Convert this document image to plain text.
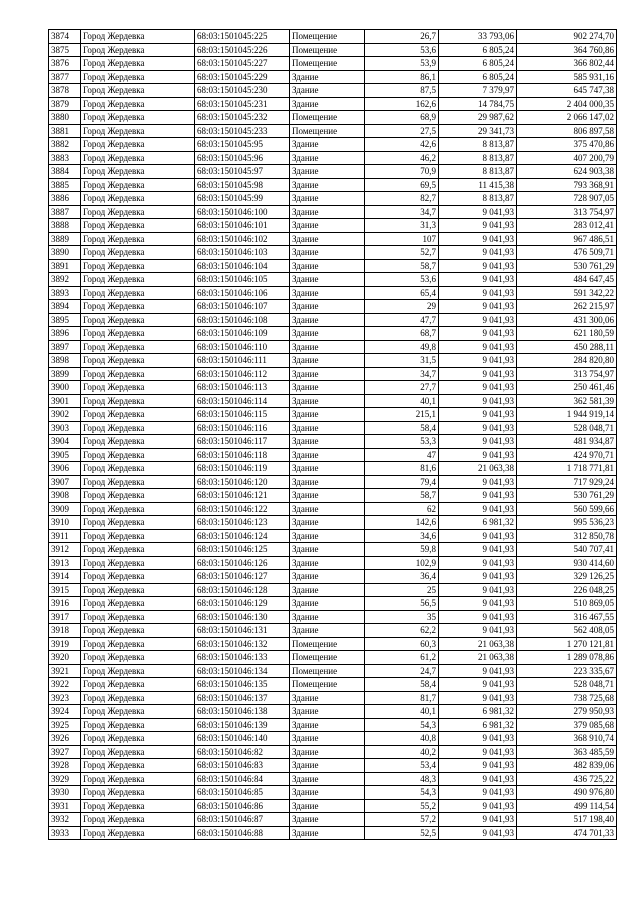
3874	Город Жердевка	68:03:1501045:225	Помещение	26,7	33 793,06	902 274,70
3875	Город Жердевка	68:03:1501045:226	Помещение	53,6	6 805,24	364 760,86
3876	Город Жердевка	68:03:1501045:227	Помещение	53,9	6 805,24	366 802,44
3877	Город Жердевка	68:03:1501045:229	Здание	86,1	6 805,24	585 931,16
3878	Город Жердевка	68:03:1501045:230	Здание	87,5	7 379,97	645 747,38
3879	Город Жердевка	68:03:1501045:231	Здание	162,6	14 784,75	2 404 000,35
3880	Город Жердевка	68:03:1501045:232	Помещение	68,9	29 987,62	2 066 147,02
3881	Город Жердевка	68:03:1501045:233	Помещение	27,5	29 341,73	806 897,58
3882	Город Жердевка	68:03:1501045:95	Здание	42,6	8 813,87	375 470,86
3883	Город Жердевка	68:03:1501045:96	Здание	46,2	8 813,87	407 200,79
3884	Город Жердевка	68:03:1501045:97	Здание	70,9	8 813,87	624 903,38
3885	Город Жердевка	68:03:1501045:98	Здание	69,5	11 415,38	793 368,91
3886	Город Жердевка	68:03:1501045:99	Здание	82,7	8 813,87	728 907,05
3887	Город Жердевка	68:03:1501046:100	Здание	34,7	9 041,93	313 754,97
3888	Город Жердевка	68:03:1501046:101	Здание	31,3	9 041,93	283 012,41
3889	Город Жердевка	68:03:1501046:102	Здание	107	9 041,93	967 486,51
3890	Город Жердевка	68:03:1501046:103	Здание	52,7	9 041,93	476 509,71
3891	Город Жердевка	68:03:1501046:104	Здание	58,7	9 041,93	530 761,29
3892	Город Жердевка	68:03:1501046:105	Здание	53,6	9 041,93	484 647,45
3893	Город Жердевка	68:03:1501046:106	Здание	65,4	9 041,93	591 342,22
3894	Город Жердевка	68:03:1501046:107	Здание	29	9 041,93	262 215,97
3895	Город Жердевка	68:03:1501046:108	Здание	47,7	9 041,93	431 300,06
3896	Город Жердевка	68:03:1501046:109	Здание	68,7	9 041,93	621 180,59
3897	Город Жердевка	68:03:1501046:110	Здание	49,8	9 041,93	450 288,11
3898	Город Жердевка	68:03:1501046:111	Здание	31,5	9 041,93	284 820,80
3899	Город Жердевка	68:03:1501046:112	Здание	34,7	9 041,93	313 754,97
3900	Город Жердевка	68:03:1501046:113	Здание	27,7	9 041,93	250 461,46
3901	Город Жердевка	68:03:1501046:114	Здание	40,1	9 041,93	362 581,39
3902	Город Жердевка	68:03:1501046:115	Здание	215,1	9 041,93	1 944 919,14
3903	Город Жердевка	68:03:1501046:116	Здание	58,4	9 041,93	528 048,71
3904	Город Жердевка	68:03:1501046:117	Здание	53,3	9 041,93	481 934,87
3905	Город Жердевка	68:03:1501046:118	Здание	47	9 041,93	424 970,71
3906	Город Жердевка	68:03:1501046:119	Здание	81,6	21 063,38	1 718 771,81
3907	Город Жердевка	68:03:1501046:120	Здание	79,4	9 041,93	717 929,24
3908	Город Жердевка	68:03:1501046:121	Здание	58,7	9 041,93	530 761,29
3909	Город Жердевка	68:03:1501046:122	Здание	62	9 041,93	560 599,66
3910	Город Жердевка	68:03:1501046:123	Здание	142,6	6 981,32	995 536,23
3911	Город Жердевка	68:03:1501046:124	Здание	34,6	9 041,93	312 850,78
3912	Город Жердевка	68:03:1501046:125	Здание	59,8	9 041,93	540 707,41
3913	Город Жердевка	68:03:1501046:126	Здание	102,9	9 041,93	930 414,60
3914	Город Жердевка	68:03:1501046:127	Здание	36,4	9 041,93	329 126,25
3915	Город Жердевка	68:03:1501046:128	Здание	25	9 041,93	226 048,25
3916	Город Жердевка	68:03:1501046:129	Здание	56,5	9 041,93	510 869,05
3917	Город Жердевка	68:03:1501046:130	Здание	35	9 041,93	316 467,55
3918	Город Жердевка	68:03:1501046:131	Здание	62,2	9 041,93	562 408,05
3919	Город Жердевка	68:03:1501046:132	Помещение	60,3	21 063,38	1 270 121,81
3920	Город Жердевка	68:03:1501046:133	Помещение	61,2	21 063,38	1 289 078,86
3921	Город Жердевка	68:03:1501046:134	Помещение	24,7	9 041,93	223 335,67
3922	Город Жердевка	68:03:1501046:135	Помещение	58,4	9 041,93	528 048,71
3923	Город Жердевка	68:03:1501046:137	Здание	81,7	9 041,93	738 725,68
3924	Город Жердевка	68:03:1501046:138	Здание	40,1	6 981,32	279 950,93
3925	Город Жердевка	68:03:1501046:139	Здание	54,3	6 981,32	379 085,68
3926	Город Жердевка	68:03:1501046:140	Здание	40,8	9 041,93	368 910,74
3927	Город Жердевка	68:03:1501046:82	Здание	40,2	9 041,93	363 485,59
3928	Город Жердевка	68:03:1501046:83	Здание	53,4	9 041,93	482 839,06
3929	Город Жердевка	68:03:1501046:84	Здание	48,3	9 041,93	436 725,22
3930	Город Жердевка	68:03:1501046:85	Здание	54,3	9 041,93	490 976,80
3931	Город Жердевка	68:03:1501046:86	Здание	55,2	9 041,93	499 114,54
3932	Город Жердевка	68:03:1501046:87	Здание	57,2	9 041,93	517 198,40
3933	Город Жердевка	68:03:1501046:88	Здание	52,5	9 041,93	474 701,33
